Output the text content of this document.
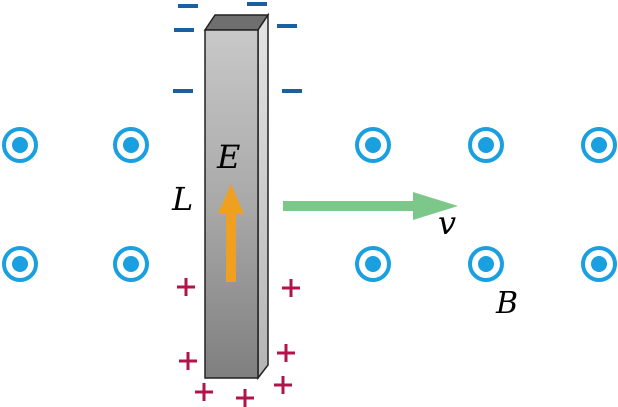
E
L
v
B
